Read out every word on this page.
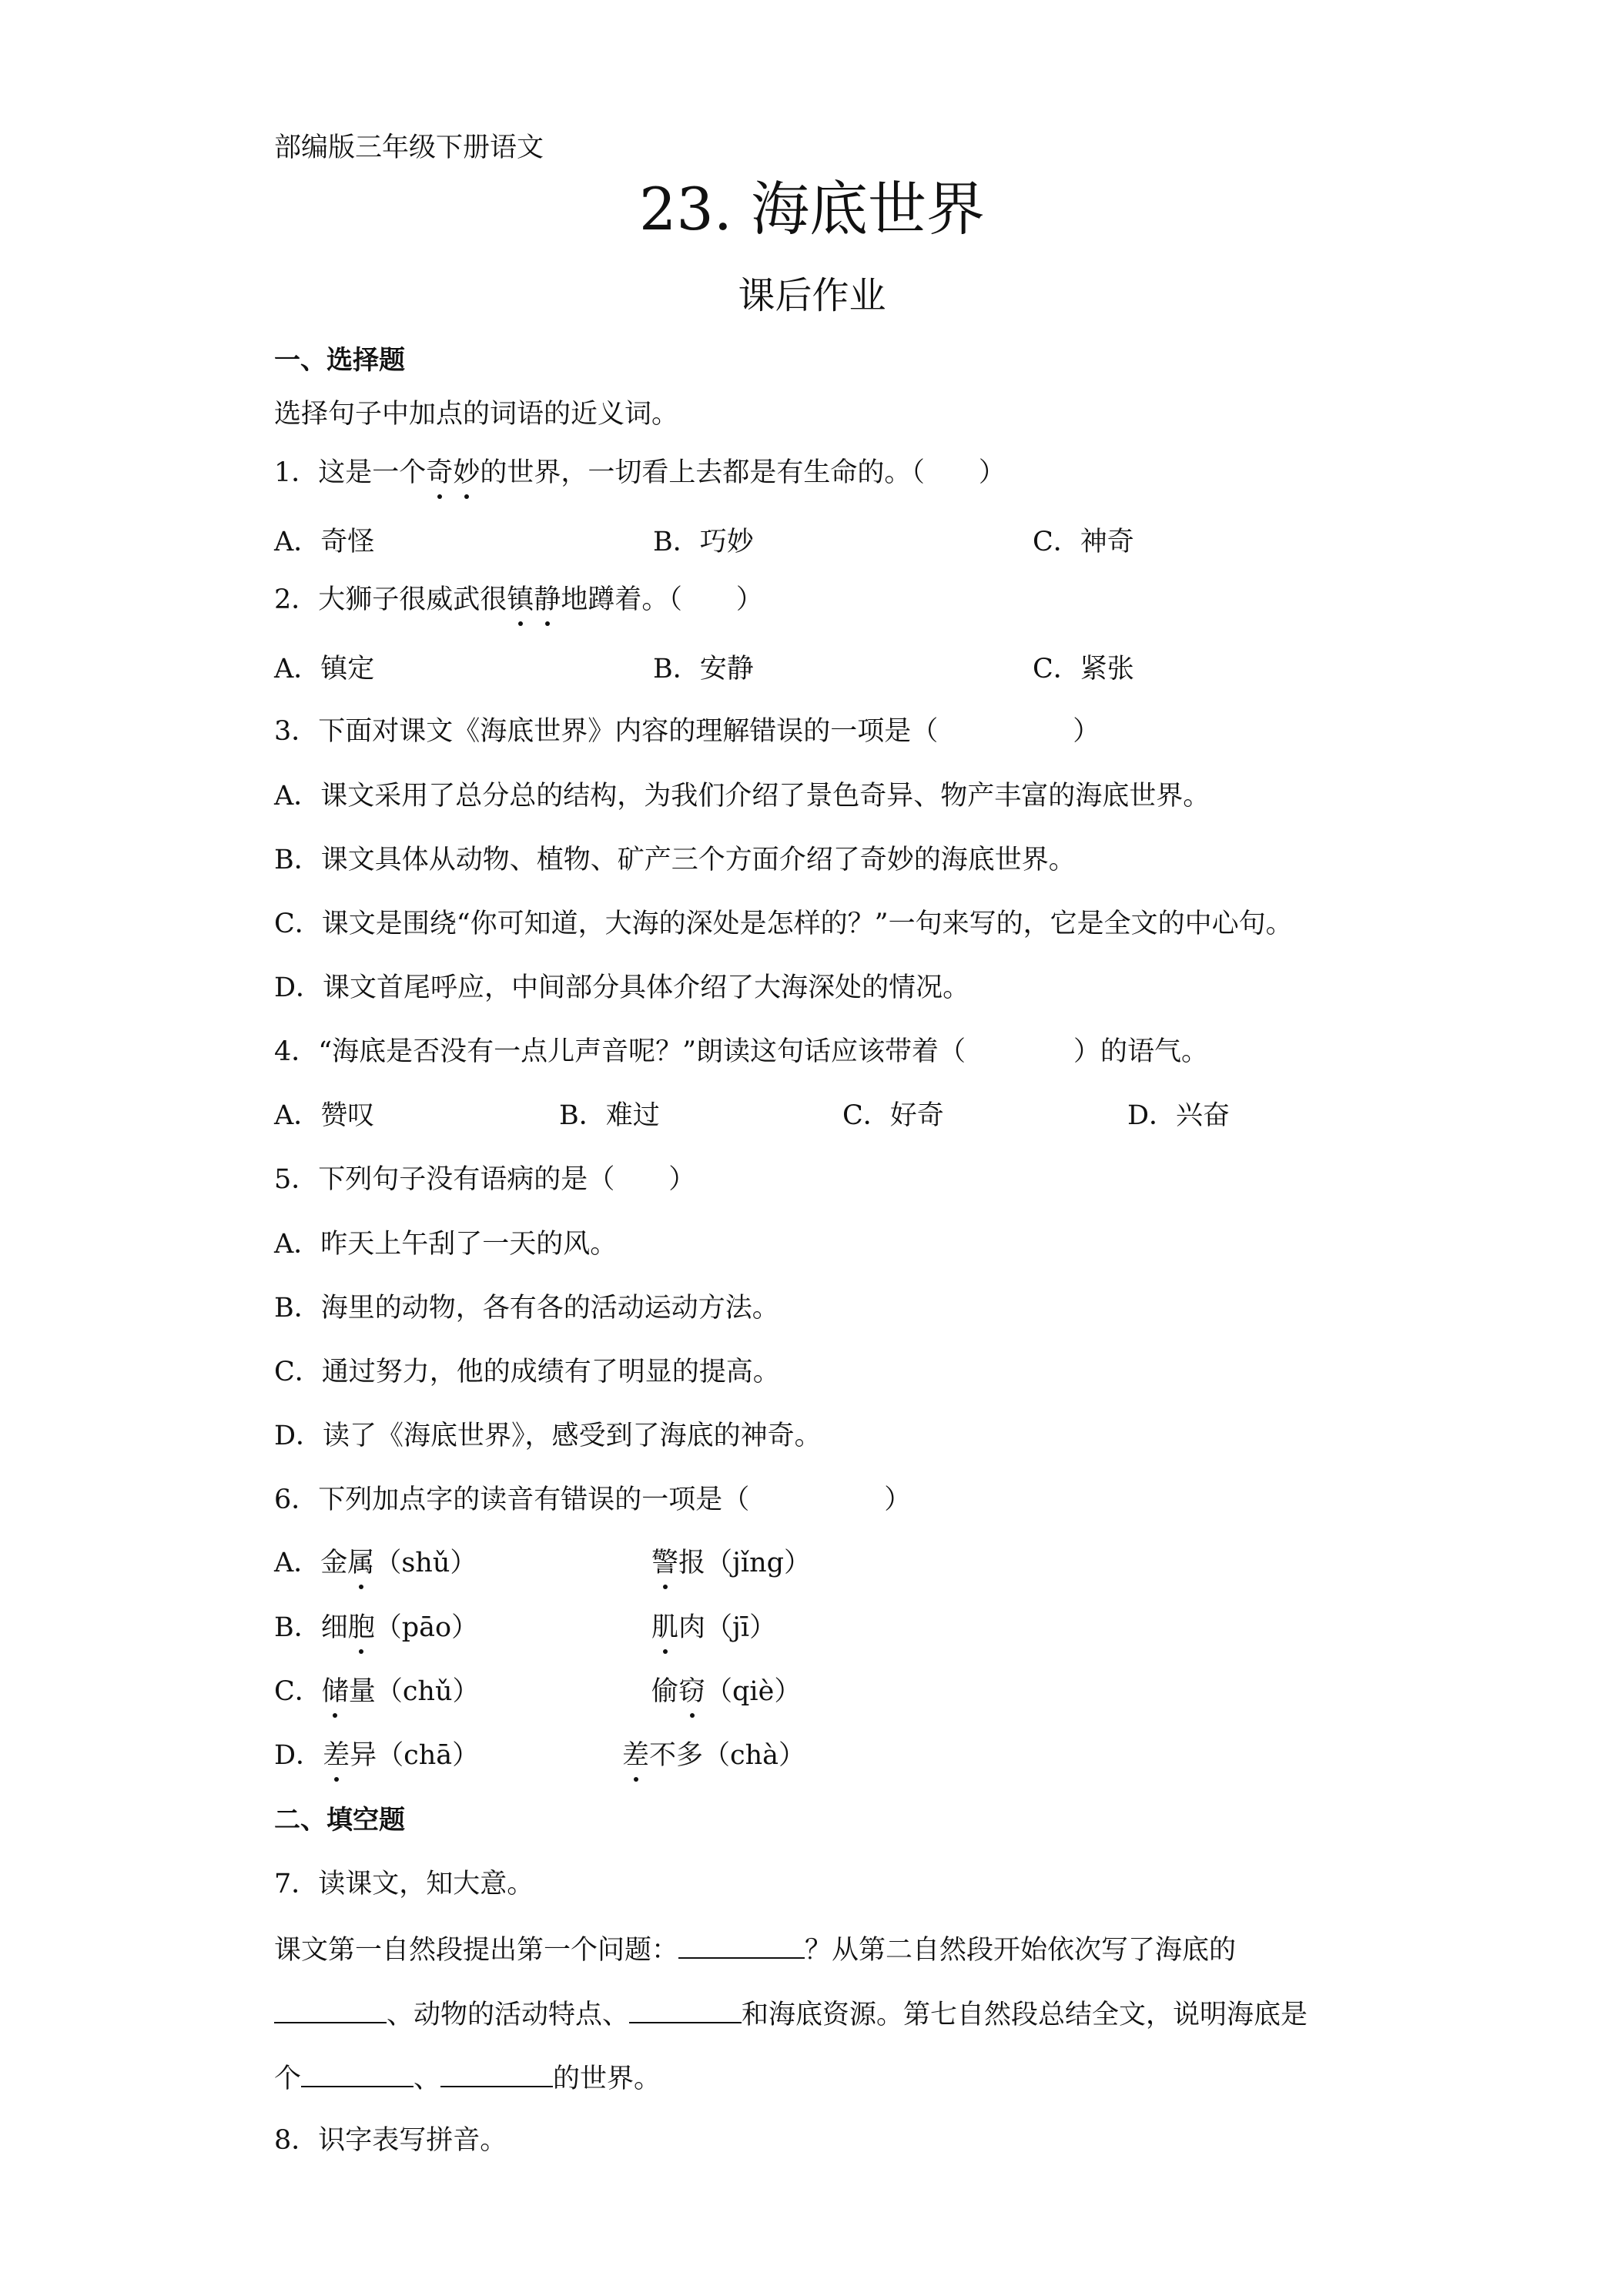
部编版三年级下册语文
23. 海底世界
课后作业
一、选择题
选择句子中加点的词语的近义词。
1．这是一个奇妙的世界，一切看上去都是有生命的。（　　）
A．奇怪	B．巧妙	C．神奇
2．大狮子很威武很镇静地蹲着。（　　）
A．镇定	B．安静	C．紧张
3．下面对课文《海底世界》内容的理解错误的一项是（　　　　　）
A．课文采用了总分总的结构，为我们介绍了景色奇异、物产丰富的海底世界。
B．课文具体从动物、植物、矿产三个方面介绍了奇妙的海底世界。
C．课文是围绕“你可知道，大海的深处是怎样的？”一句来写的，它是全文的中心句。
D．课文首尾呼应，中间部分具体介绍了大海深处的情况。
4．“海底是否没有一点儿声音呢？”朗读这句话应该带着（　　　　）的语气。
A．赞叹	B．难过	C．好奇	D．兴奋
5．下列句子没有语病的是（　　）
A．昨天上午刮了一天的风。
B．海里的动物，各有各的活动运动方法。
C．通过努力，他的成绩有了明显的提高。
D．读了《海底世界》，感受到了海底的神奇。
6．下列加点字的读音有错误的一项是（　　　　　）
A．金属（shǔ）	警报（jǐng）
B．细胞（pāo）	肌肉（jī）
C．储量（chǔ）	偷窃（qiè）
D．差异（chā）	差不多（chà）
二、填空题
7．读课文，知大意。
课文第一自然段提出第一个问题：	？从第二自然段开始依次写了海底的
、动物的活动特点、	和海底资源。第七自然段总结全文，说明海底是
个	、	的世界。
8．识字表写拼音。
